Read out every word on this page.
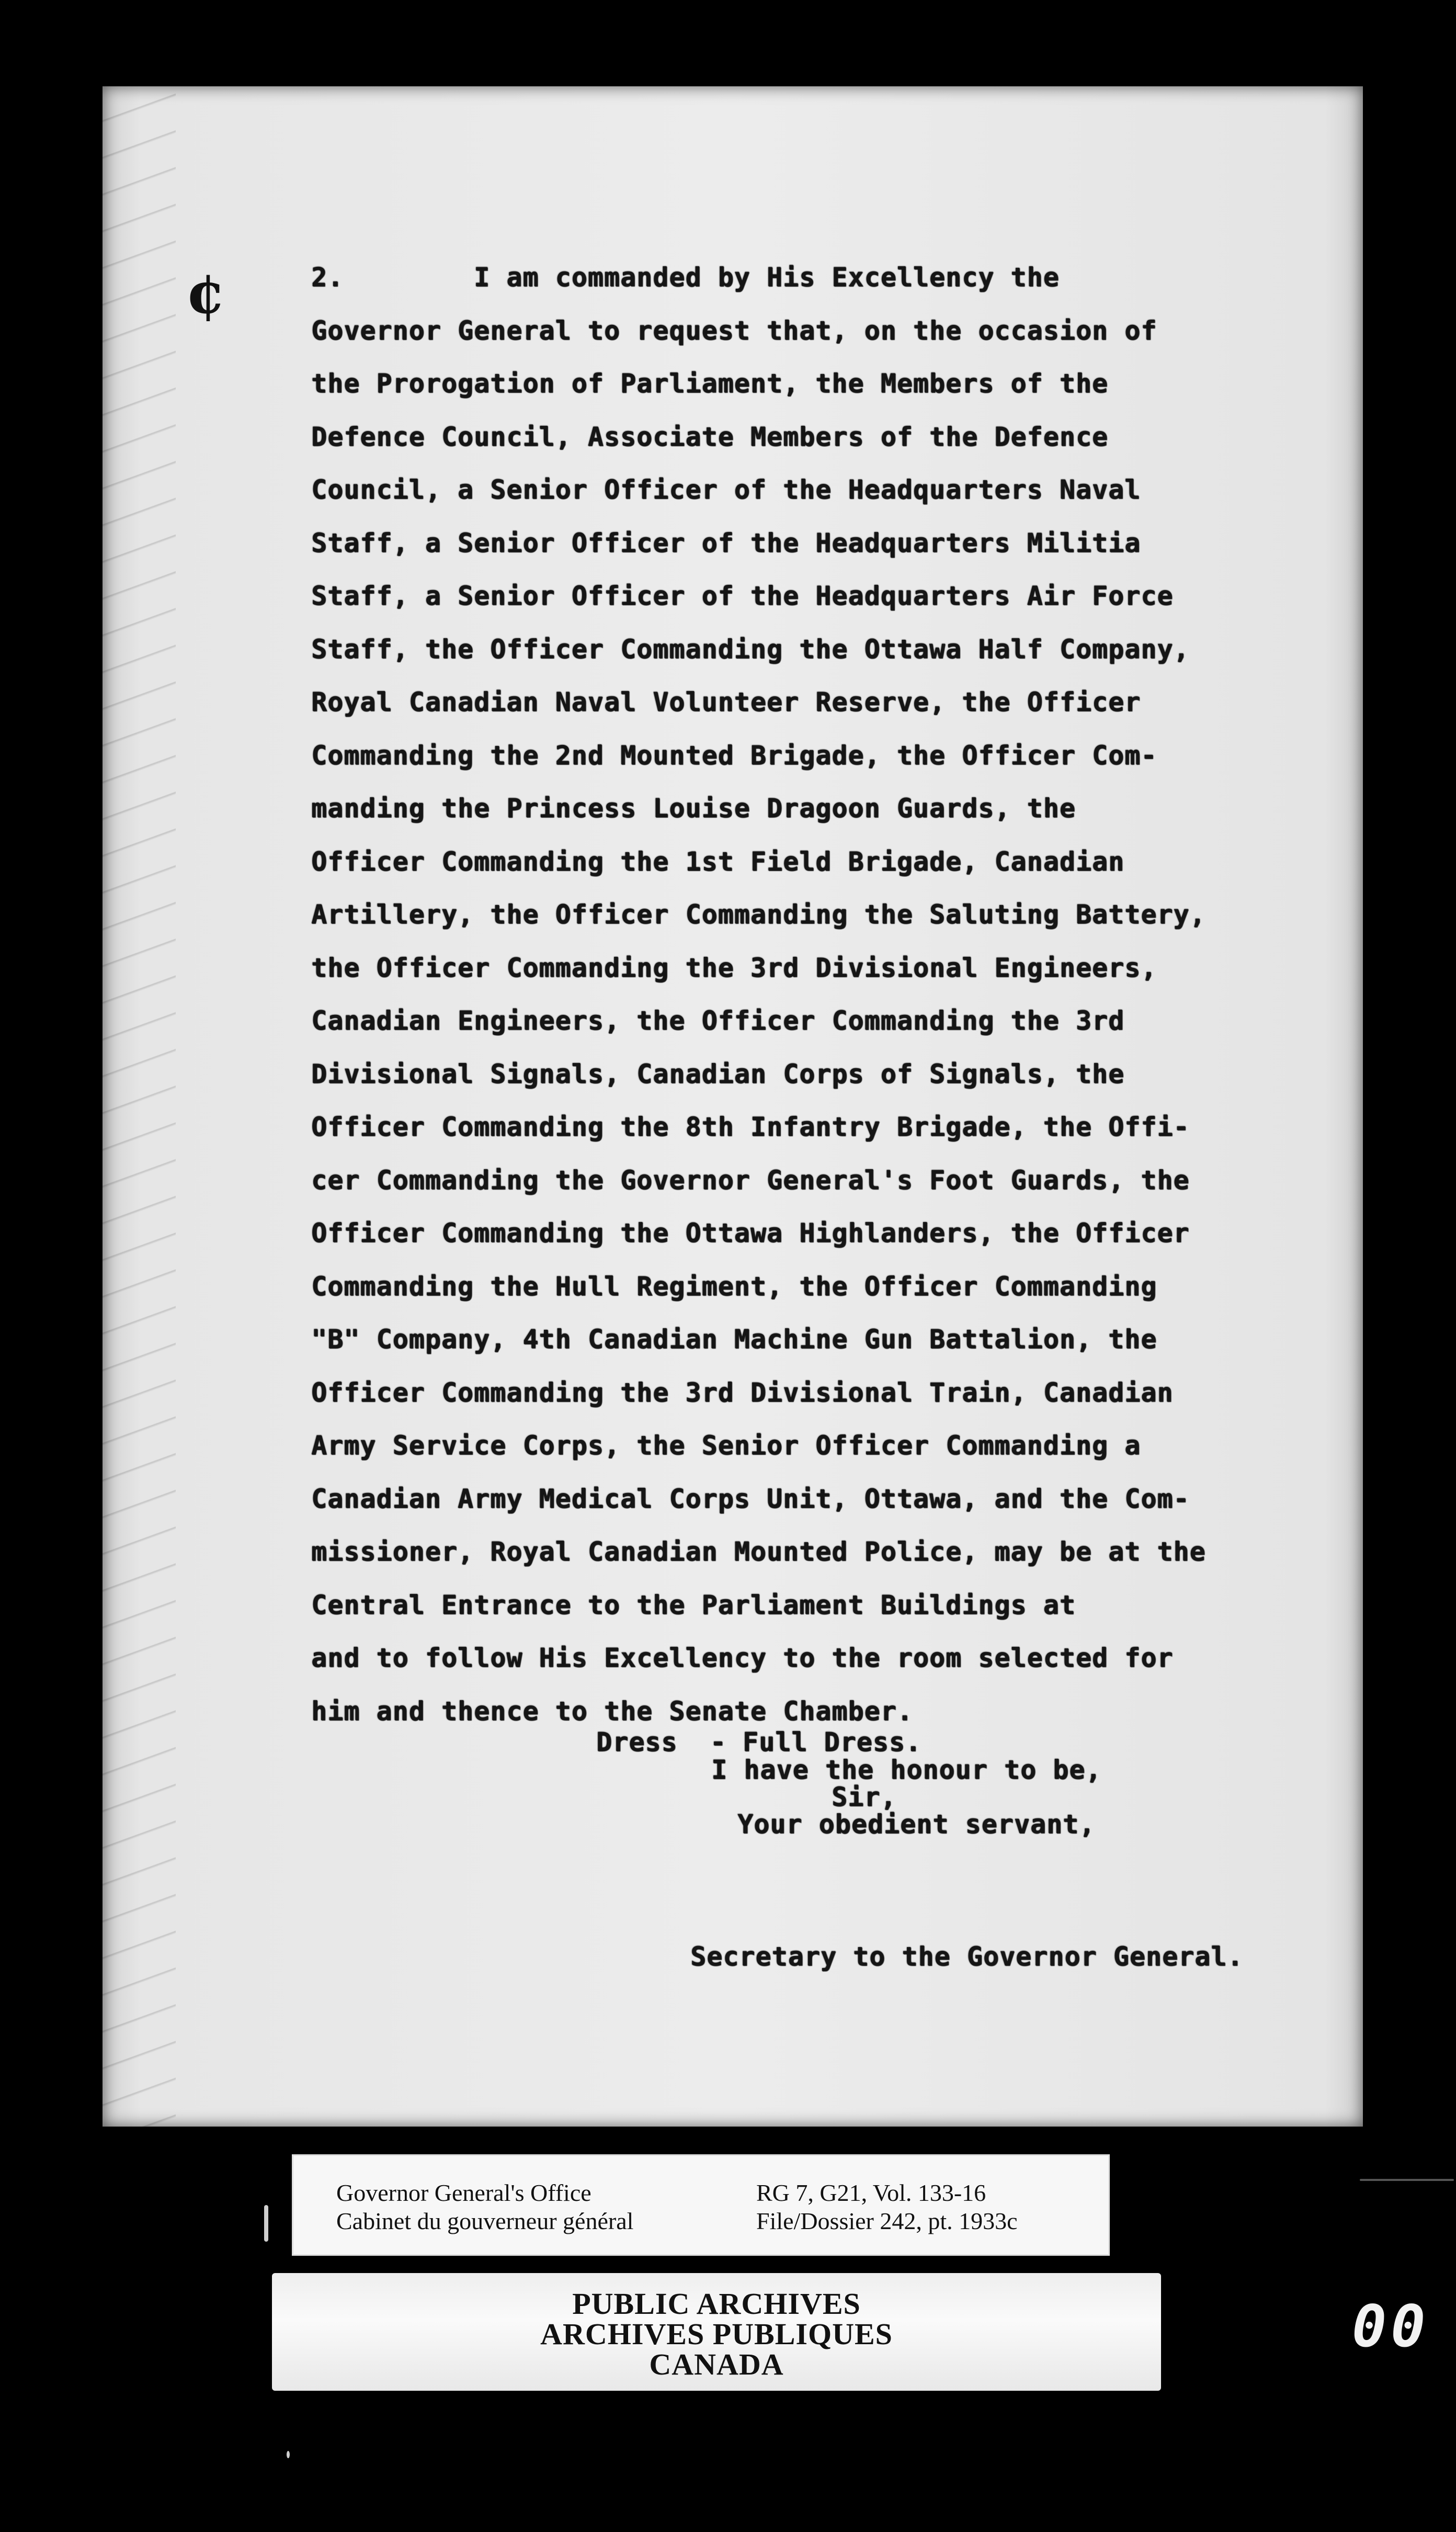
¢	2.        I am commanded by His Excellency the
Governor General to request that, on the occasion of
the Prorogation of Parliament, the Members of the
Defence Council, Associate Members of the Defence
Council, a Senior Officer of the Headquarters Naval
Staff, a Senior Officer of the Headquarters Militia
Staff, a Senior Officer of the Headquarters Air Force
Staff, the Officer Commanding the Ottawa Half Company,
Royal Canadian Naval Volunteer Reserve, the Officer
Commanding the 2nd Mounted Brigade, the Officer Com-
manding the Princess Louise Dragoon Guards, the
Officer Commanding the 1st Field Brigade, Canadian
Artillery, the Officer Commanding the Saluting Battery,
the Officer Commanding the 3rd Divisional Engineers,
Canadian Engineers, the Officer Commanding the 3rd
Divisional Signals, Canadian Corps of Signals, the
Officer Commanding the 8th Infantry Brigade, the Offi-
cer Commanding the Governor General's Foot Guards, the
Officer Commanding the Ottawa Highlanders, the Officer
Commanding the Hull Regiment, the Officer Commanding
"B" Company, 4th Canadian Machine Gun Battalion, the
Officer Commanding the 3rd Divisional Train, Canadian
Army Service Corps, the Senior Officer Commanding a
Canadian Army Medical Corps Unit, Ottawa, and the Com-
missioner, Royal Canadian Mounted Police, may be at the
Central Entrance to the Parliament Buildings at
and to follow His Excellency to the room selected for
him and thence to the Senate Chamber.
Dress  - Full Dress.
I have the honour to be,
Sir,
Your obedient servant,
Secretary to the Governor General.
Governor General's Office
Cabinet du gouverneur général
RG 7, G21, Vol. 133-16
File/Dossier 242, pt. 1933c
PUBLIC ARCHIVES
ARCHIVES PUBLIQUES
CANADA
00
